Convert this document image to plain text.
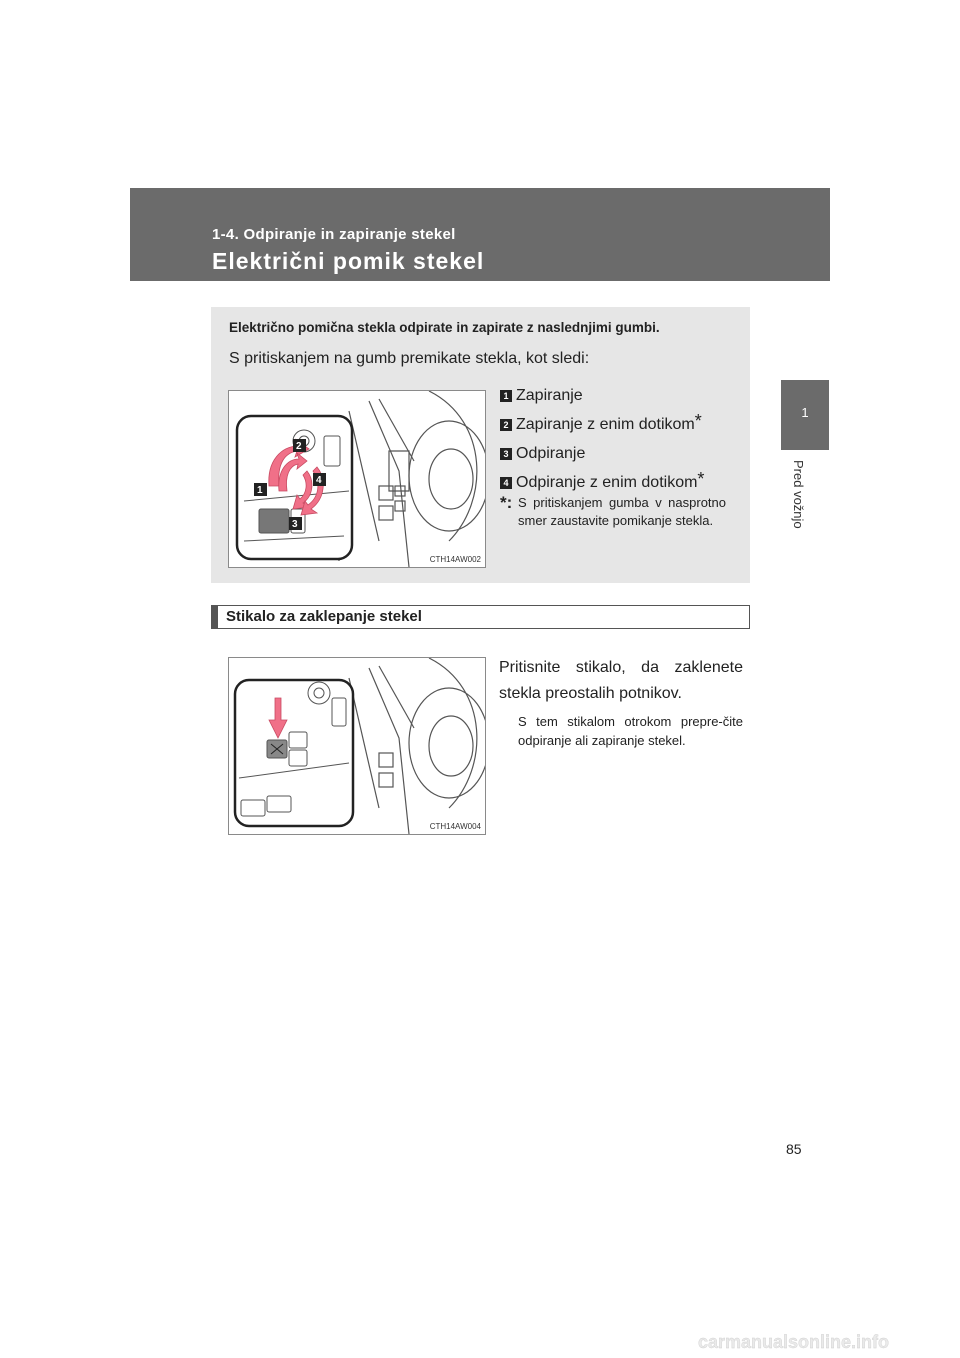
1-4. Odpiranje in zapiranje stekel
Električni pomik stekel
1
Pred vožnjo
Električno pomična stekla odpirate in zapirate z naslednjimi gumbi.
S pritiskanjem na gumb premikate stekla, kot sledi:
1
2
3
4
CTH14AW002
1 Zapiranje
2 Zapiranje z enim dotikom*
3 Odpiranje
4 Odpiranje z enim dotikom*
*: S pritiskanjem gumba v nasprotno smer zaustavite pomikanje stekla.
Stikalo za zaklepanje stekel
CTH14AW004
Pritisnite stikalo, da zaklenete stekla preostalih potnikov.
S tem stikalom otrokom prepre-čite odpiranje ali zapiranje stekel.
85
carmanualsonline.info
